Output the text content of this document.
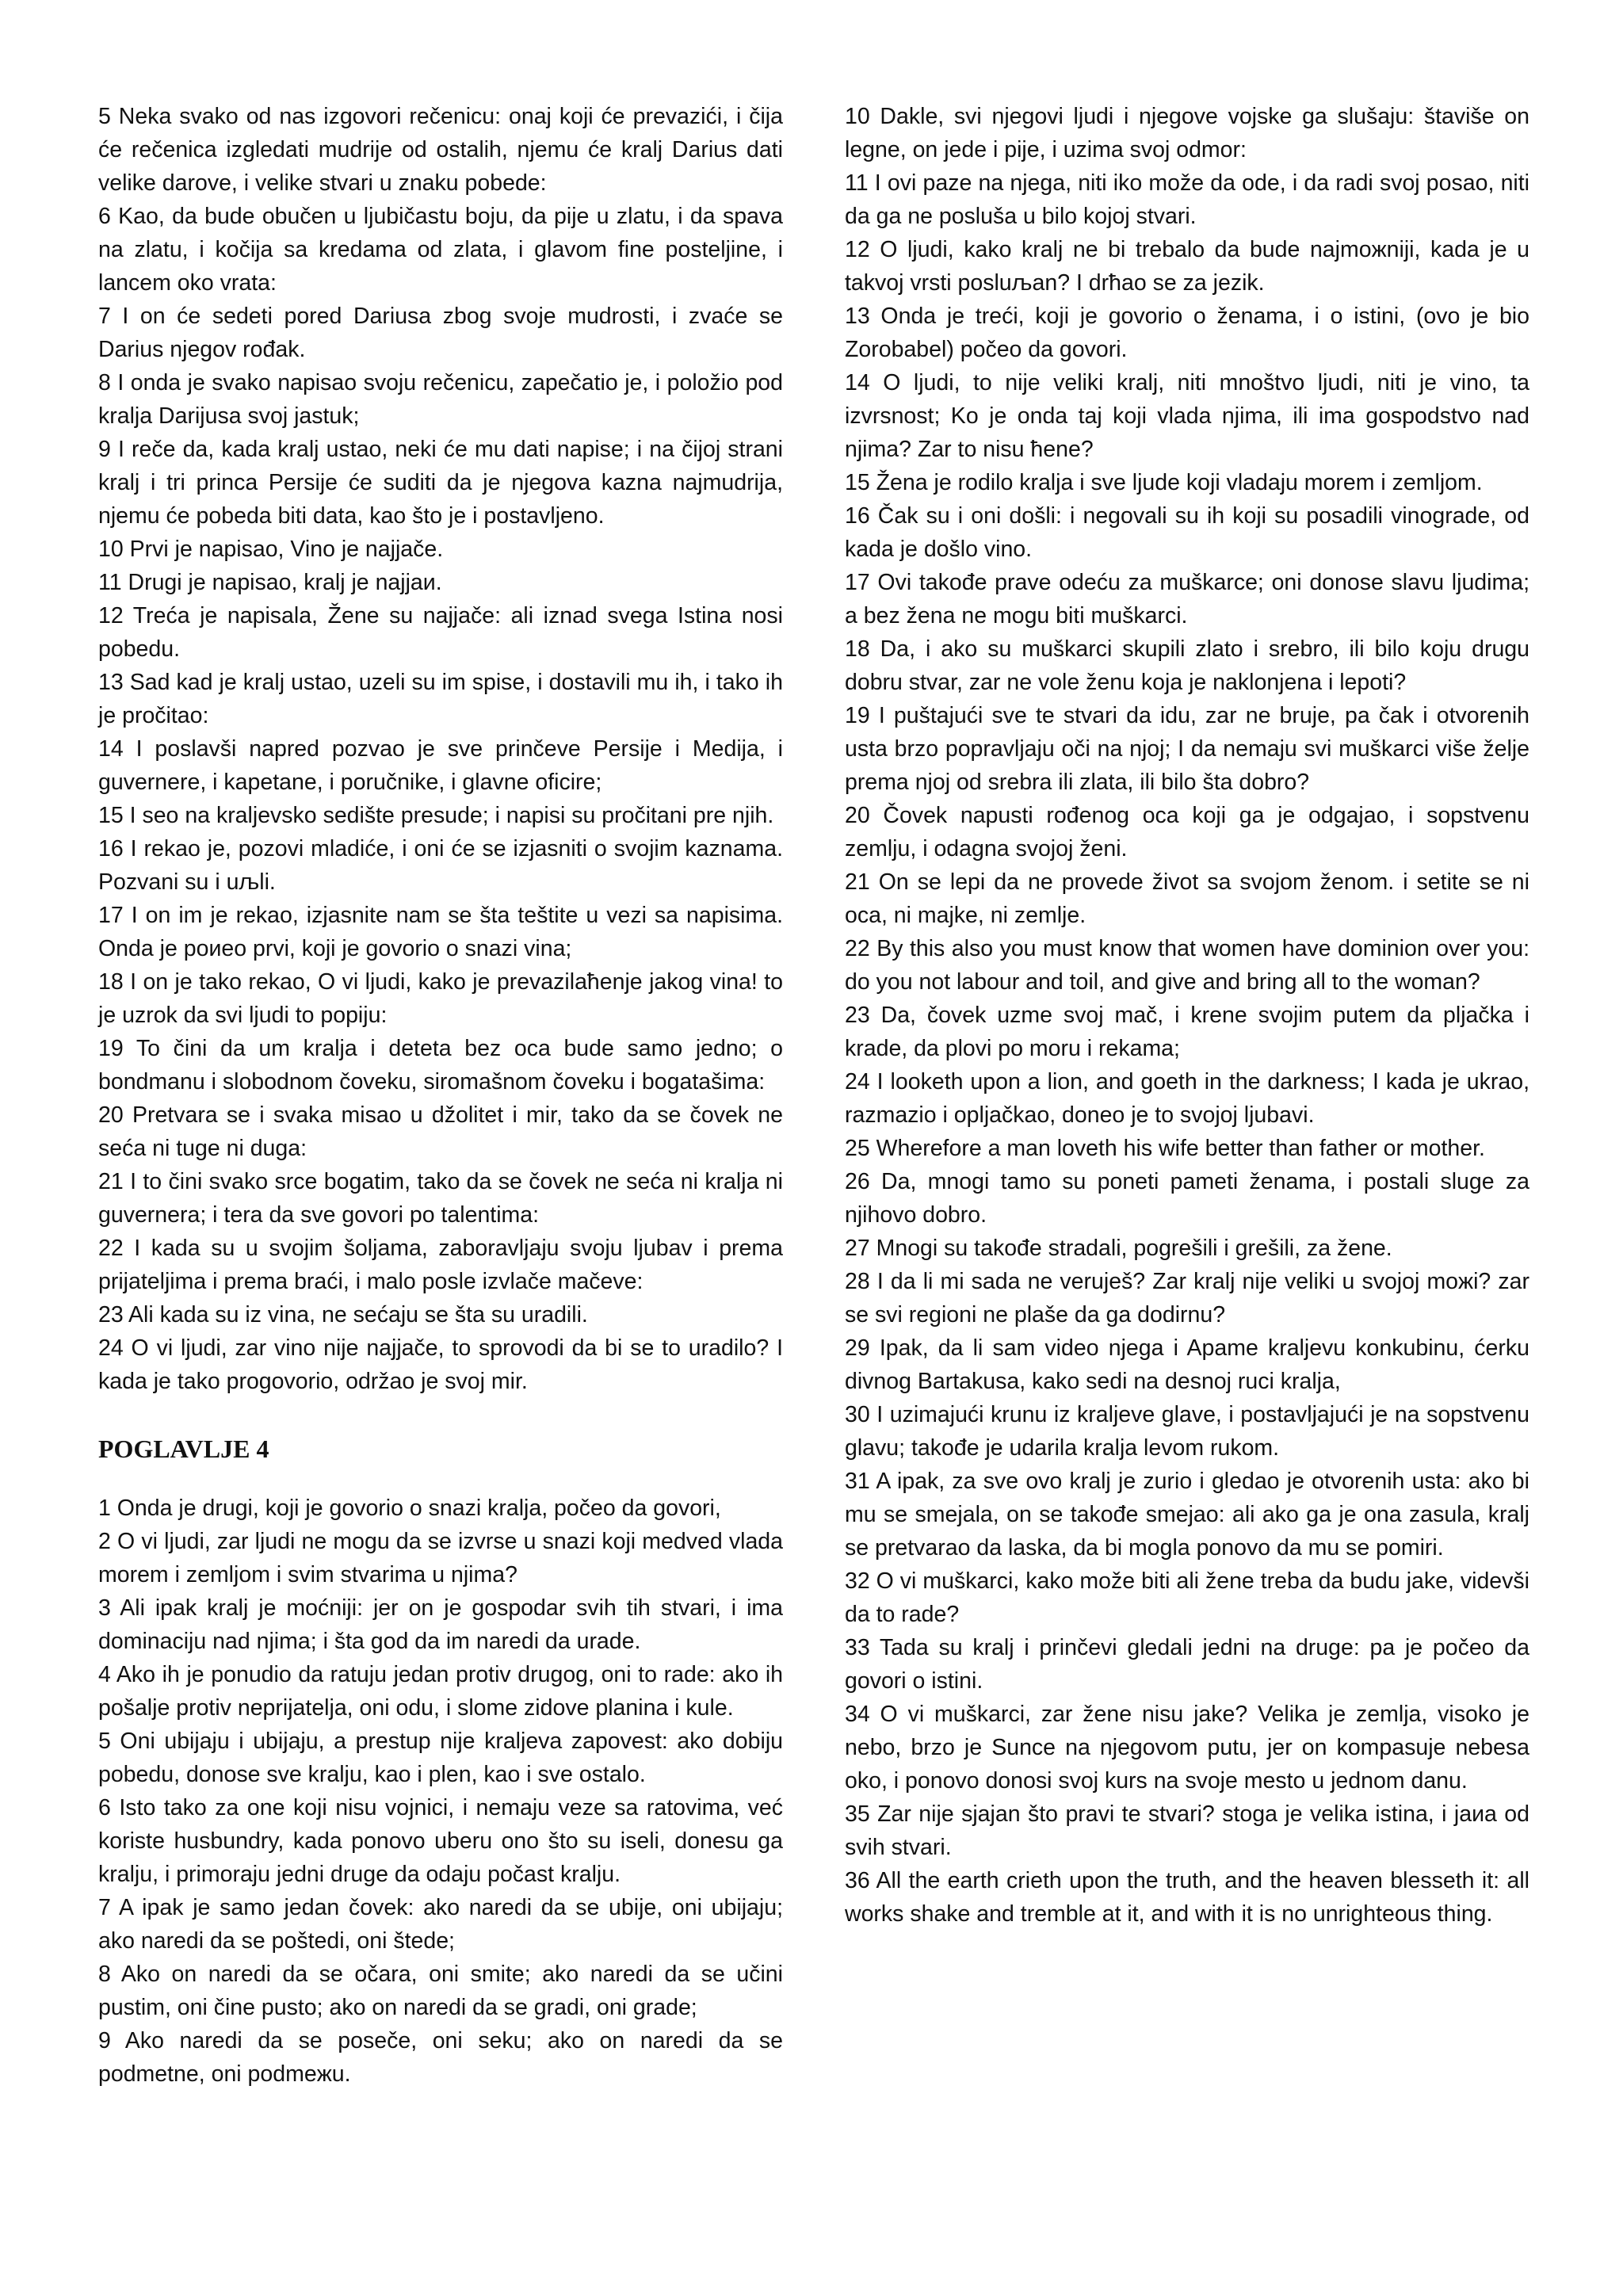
5 Neka svako od nas izgovori rečenicu: onaj koji će prevazići, i čija će rečenica izgledati mudrije od ostalih, njemu će kralj Darius dati velike darove, i velike stvari u znaku pobede:

6 Kao, da bude obučen u ljubičastu boju, da pije u zlatu, i da spava na zlatu, i kočija sa kredama od zlata, i glavom fine posteljine, i lancem oko vrata:

7 I on će sedeti pored Dariusa zbog svoje mudrosti, i zvaće se Darius njegov rođak.

8 I onda je svako napisao svoju rečenicu, zapečatio je, i položio pod kralja Darijusa svoj jastuk;

9 I reče da, kada kralj ustao, neki će mu dati napise; i na čijoj strani kralj i tri princa Persije će suditi da je njegova kazna najmudrija, njemu će pobeda biti data, kao što je i postavljeno.

10 Prvi je napisao, Vino je najjače.

11 Drugi je napisao, kralj je najjaи.

12 Treća je napisala, Žene su najjače: ali iznad svega Istina nosi pobedu.

13 Sad kad je kralj ustao, uzeli su im spise, i dostavili mu ih, i tako ih je pročitao:

14 I poslavši napred pozvao je sve prinčeve Persije i Medija, i guvernere, i kapetane, i poručnike, i glavne oficire;

15 I seo na kraljevsko sedište presude; i napisi su pročitani pre njih.

16 I rekao je, pozovi mladiće, i oni će se izjasniti o svojim kaznama. Pozvani su i uљli.

17 I on im je rekao, izjasnite nam se šta teštite u vezi sa napisima. Onda je poиeo prvi, koji je govorio o snazi vina;

18 I on je tako rekao, O vi ljudi, kako je prevazilaћenje jakog vina! to je uzrok da svi ljudi to popiju:

19 To čini da um kralja i deteta bez oca bude samo jedno; o bondmanu i slobodnom čoveku, siromašnom čoveku i bogatašima:

20 Pretvara se i svaka misao u džolitet i mir, tako da se čovek ne seća ni tuge ni duga:

21 I to čini svako srce bogatim, tako da se čovek ne seća ni kralja ni guvernera; i tera da sve govori po talentima:

22 I kada su u svojim šoljama, zaboravljaju svoju ljubav i prema prijateljima i prema braći, i malo posle izvlače mačeve:

23 Ali kada su iz vina, ne sećaju se šta su uradili.

24 O vi ljudi, zar vino nije najjače, to sprovodi da bi se to uradilo? I kada je tako progovorio, održao je svoj mir.

POGLAVLJE 4

1 Onda je drugi, koji je govorio o snazi kralja, počeo da govori,

2 O vi ljudi, zar ljudi ne mogu da se izvrse u snazi koji medved vlada morem i zemljom i svim stvarima u njima?

3 Ali ipak kralj je moćniji: jer on je gospodar svih tih stvari, i ima dominaciju nad njima; i šta god da im naredi da urade.

4 Ako ih je ponudio da ratuju jedan protiv drugog, oni to rade: ako ih pošalje protiv neprijatelja, oni odu, i slome zidove planina i kule.

5 Oni ubijaju i ubijaju, a prestup nije kraljeva zapovest: ako dobiju pobedu, donose sve kralju, kao i plen, kao i sve ostalo.

6 Isto tako za one koji nisu vojnici, i nemaju veze sa ratovima, već koriste husbundry, kada ponovo uberu ono što su iseli, donesu ga kralju, i primoraju jedni druge da odaju počast kralju.

7 A ipak je samo jedan čovek: ako naredi da se ubije, oni ubijaju; ako naredi da se poštedi, oni štede;

8 Ako on naredi da se očara, oni smite; ako naredi da se učini pustim, oni čine pusto; ako on naredi da se gradi, oni grade;

9 Ako naredi da se poseče, oni seku; ako on naredi da se podmetne, oni podmeжu.

10 Dakle, svi njegovi ljudi i njegove vojske ga slušaju: štaviše on legne, on jede i pije, i uzima svoj odmor:

11 I ovi paze na njega, niti iko može da ode, i da radi svoj posao, niti da ga ne posluša u bilo kojoj stvari.

12 O ljudi, kako kralj ne bi trebalo da bude najmoжniji, kada je u takvoj vrsti posluљan? I drћao se za jezik.

13 Onda je treći, koji je govorio o ženama, i o istini, (ovo je bio Zorobabel) počeo da govori.

14 O ljudi, to nije veliki kralj, niti mnoštvo ljudi, niti je vino, ta izvrsnost; Ko je onda taj koji vlada njima, ili ima gospodstvo nad njima? Zar to nisu ћene?

15 Žena je rodilo kralja i sve ljude koji vladaju morem i zemljom.

16 Čak su i oni došli: i negovali su ih koji su posadili vinograde, od kada je došlo vino.

17 Ovi takođe prave odeću za muškarce; oni donose slavu ljudima; a bez žena ne mogu biti muškarci.

18 Da, i ako su muškarci skupili zlato i srebro, ili bilo koju drugu dobru stvar, zar ne vole ženu koja je naklonjena i lepoti?

19 I puštajući sve te stvari da idu, zar ne bruje, pa čak i otvorenih usta brzo popravljaju oči na njoj; I da nemaju svi muškarci više želje prema njoj od srebra ili zlata, ili bilo šta dobro?

20 Čovek napusti rođenog oca koji ga je odgajao, i sopstvenu zemlju, i odagna svojoj ženi.

21 On se lepi da ne provede život sa svojom ženom. i setite se ni oca, ni majke, ni zemlje.

22 By this also you must know that women have dominion over you: do you not labour and toil, and give and bring all to the woman?

23 Da, čovek uzme svoj mač, i krene svojim putem da pljačka i krade, da plovi po moru i rekama;

24 I looketh upon a lion, and goeth in the darkness; I kada je ukrao, razmazio i opljačkao, doneo je to svojoj ljubavi.

25 Wherefore a man loveth his wife better than father or mother.

26 Da, mnogi tamo su poneti pameti ženama, i postali sluge za njihovo dobro.

27 Mnogi su takođe stradali, pogrešili i grešili, za žene.

28 I da li mi sada ne veruješ? Zar kralj nije veliki u svojoj moжi? zar se svi regioni ne plaše da ga dodirnu?

29 Ipak, da li sam video njega i Apame kraljevu konkubinu, ćerku divnog Bartakusa, kako sedi na desnoj ruci kralja,

30 I uzimajući krunu iz kraljeve glave, i postavljajući je na sopstvenu glavu; takođe je udarila kralja levom rukom.

31 A ipak, za sve ovo kralj je zurio i gledao je otvorenih usta: ako bi mu se smejala, on se takođe smejao: ali ako ga je ona zasula, kralj se pretvarao da laska, da bi mogla ponovo da mu se pomiri.

32 O vi muškarci, kako može biti ali žene treba da budu jake, videvši da to rade?

33 Tada su kralj i prinčevi gledali jedni na druge: pa je počeo da govori o istini.

34 O vi muškarci, zar žene nisu jake? Velika je zemlja, visoko je nebo, brzo je Sunce na njegovom putu, jer on kompasuje nebesa oko, i ponovo donosi svoj kurs na svoje mesto u jednom danu.

35 Zar nije sjajan što pravi te stvari? stoga je velika istina, i jaиa od svih stvari.

36 All the earth crieth upon the truth, and the heaven blesseth it: all works shake and tremble at it, and with it is no unrighteous thing.
